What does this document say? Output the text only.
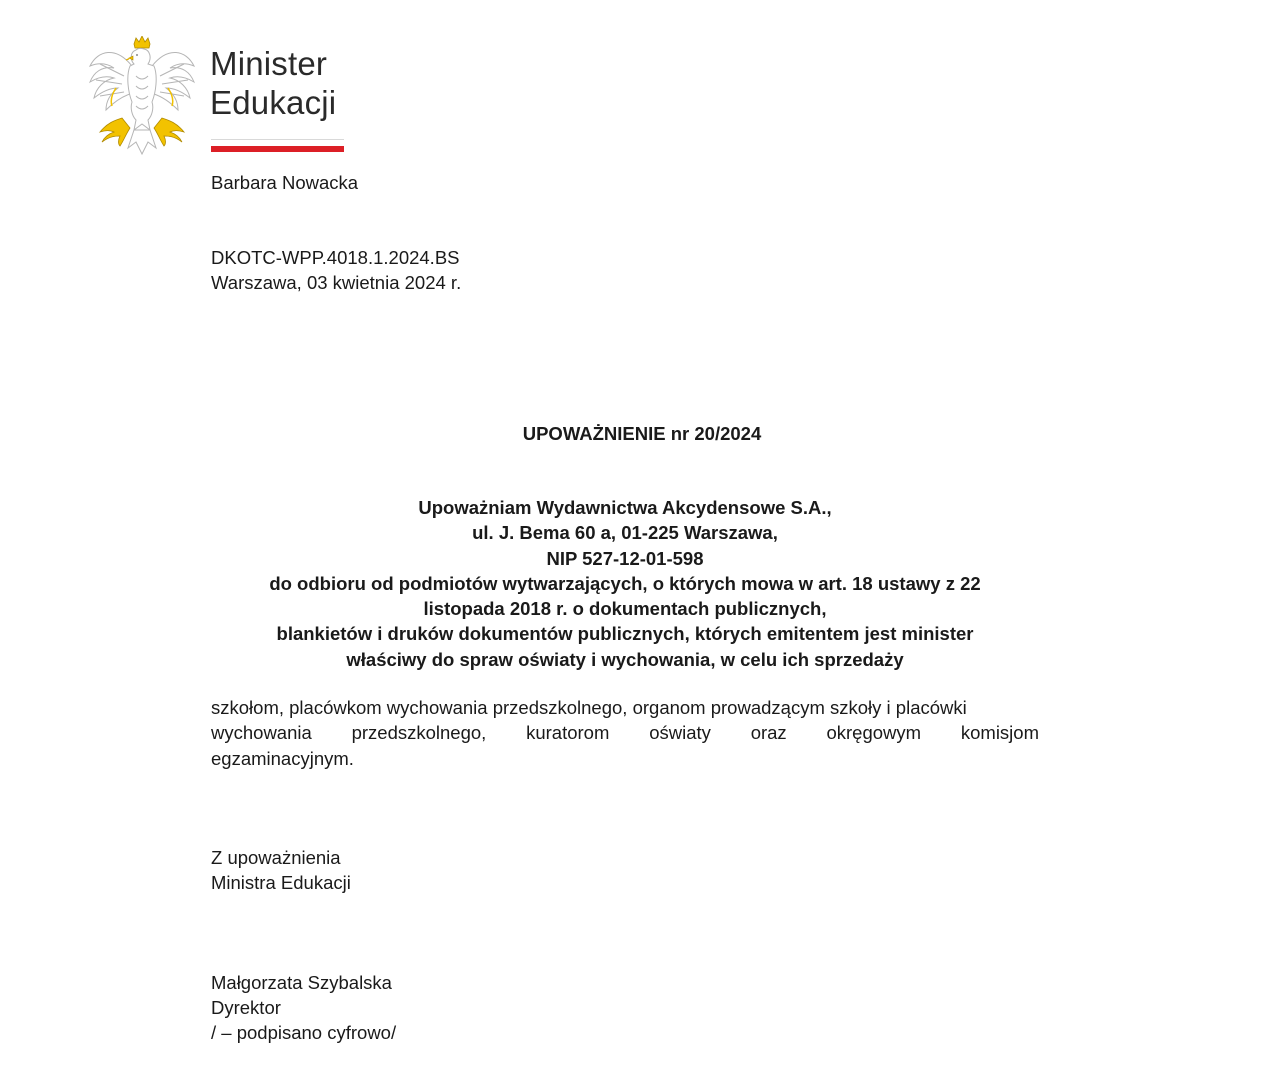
Minister
Edukacji
Barbara Nowacka
DKOTC-WPP.4018.1.2024.BS
Warszawa, 03 kwietnia 2024 r.
UPOWAŻNIENIE nr 20/2024
Upoważniam Wydawnictwa Akcydensowe S.A.,
ul. J. Bema 60 a, 01-225 Warszawa,
NIP 527-12-01-598
do odbioru od podmiotów wytwarzających, o których mowa w art. 18 ustawy z 22
listopada 2018 r. o dokumentach publicznych,
blankietów i druków dokumentów publicznych, których emitentem jest minister
właściwy do spraw oświaty i wychowania, w celu ich sprzedaży
szkołom, placówkom wychowania przedszkolnego, organom prowadzącym szkoły i placówki
wychowania przedszkolnego, kuratorom oświaty oraz okręgowym komisjom
egzaminacyjnym.
Z upoważnienia
Ministra Edukacji
Małgorzata Szybalska
Dyrektor
/ – podpisano cyfrowo/
